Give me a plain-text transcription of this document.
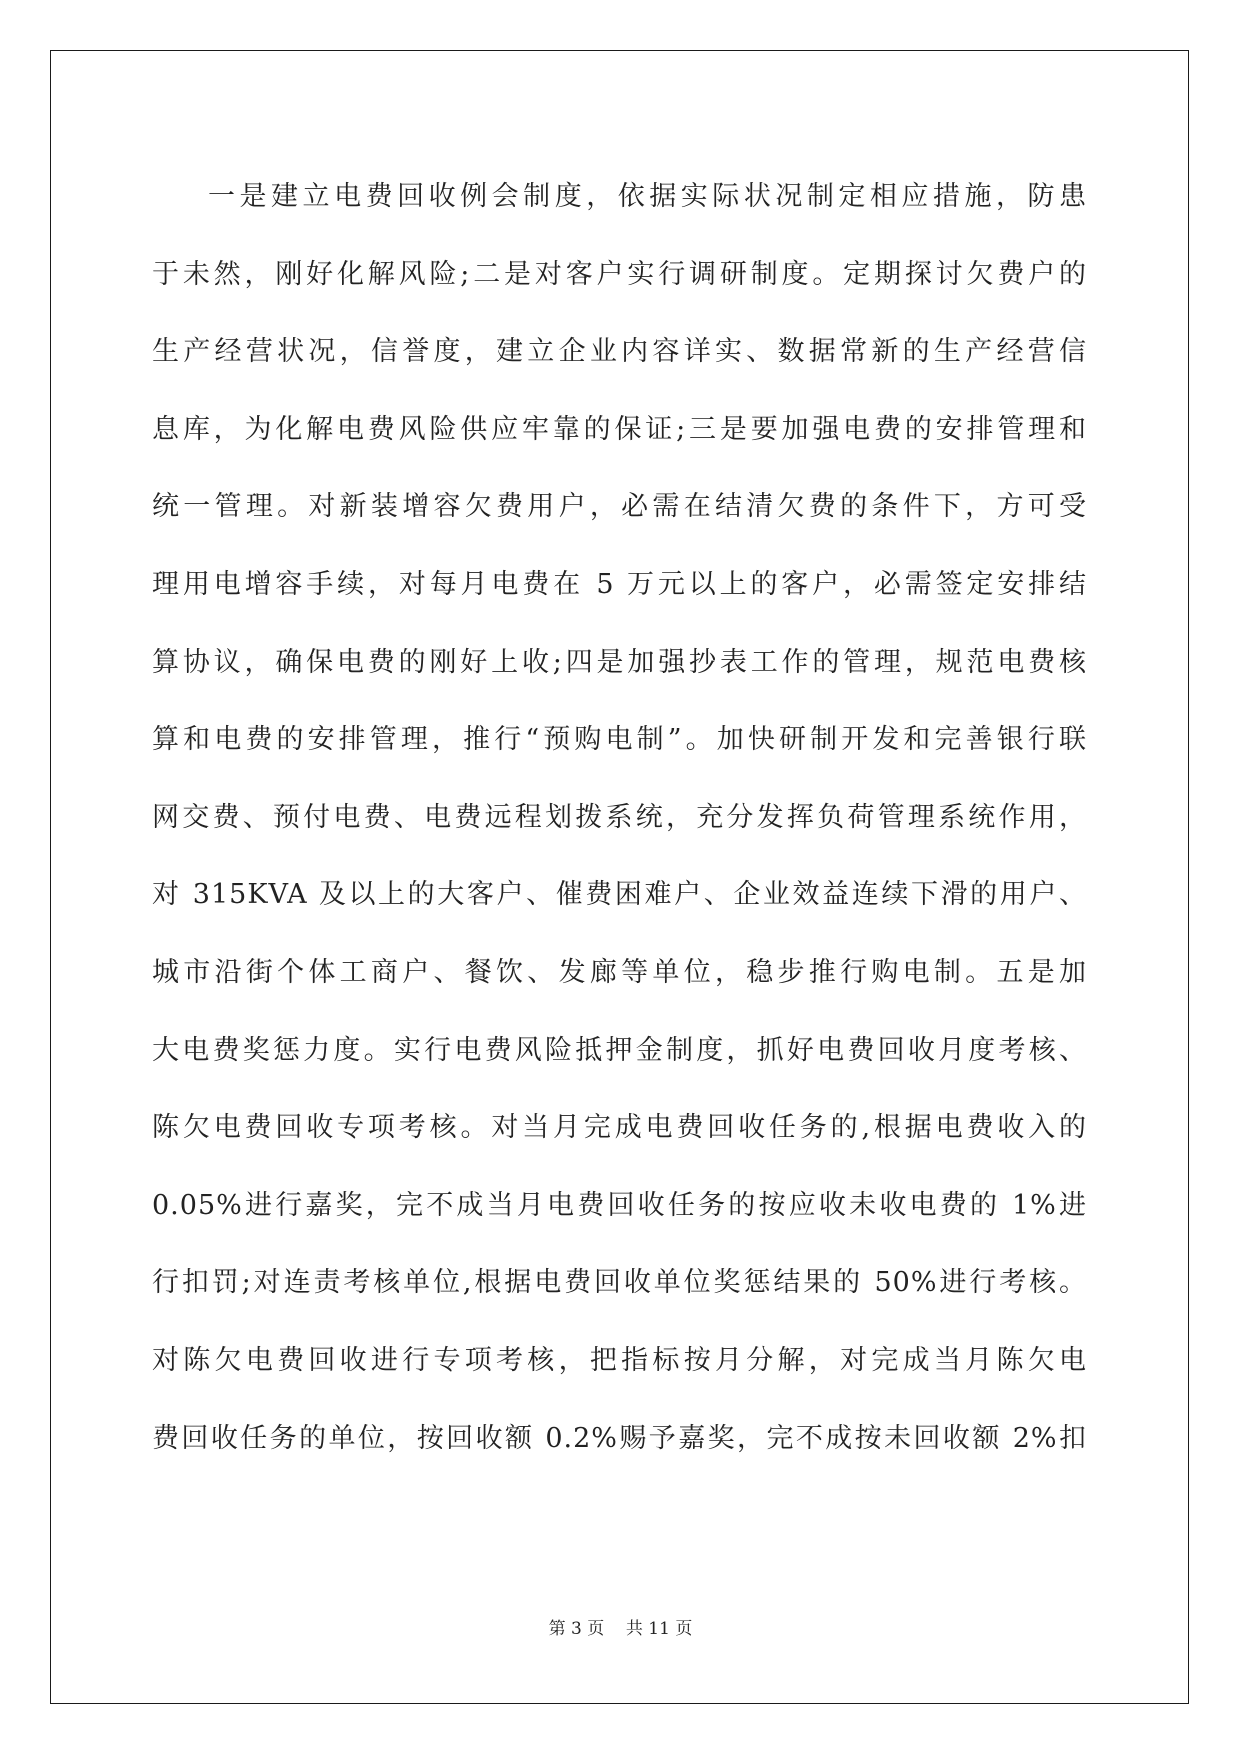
一是建立电费回收例会制度，依据实际状况制定相应措施，防患
于未然，刚好化解风险;二是对客户实行调研制度。定期探讨欠费户的
生产经营状况，信誉度，建立企业内容详实、数据常新的生产经营信
息库，为化解电费风险供应牢靠的保证;三是要加强电费的安排管理和
统一管理。对新装增容欠费用户，必需在结清欠费的条件下，方可受
理用电增容手续，对每月电费在 5 万元以上的客户，必需签定安排结
算协议，确保电费的刚好上收;四是加强抄表工作的管理，规范电费核
算和电费的安排管理，推行“预购电制”。加快研制开发和完善银行联
网交费、预付电费、电费远程划拨系统，充分发挥负荷管理系统作用，
对 315KVA 及以上的大客户、催费困难户、企业效益连续下滑的用户、
城市沿街个体工商户、餐饮、发廊等单位，稳步推行购电制。五是加
大电费奖惩力度。实行电费风险抵押金制度，抓好电费回收月度考核、
陈欠电费回收专项考核。对当月完成电费回收任务的,根据电费收入的
0.05%进行嘉奖，完不成当月电费回收任务的按应收未收电费的 1%进
行扣罚;对连责考核单位,根据电费回收单位奖惩结果的 50%进行考核。
对陈欠电费回收进行专项考核，把指标按月分解，对完成当月陈欠电
费回收任务的单位，按回收额 0.2%赐予嘉奖，完不成按未回收额 2%扣
第 3 页    共 11 页
